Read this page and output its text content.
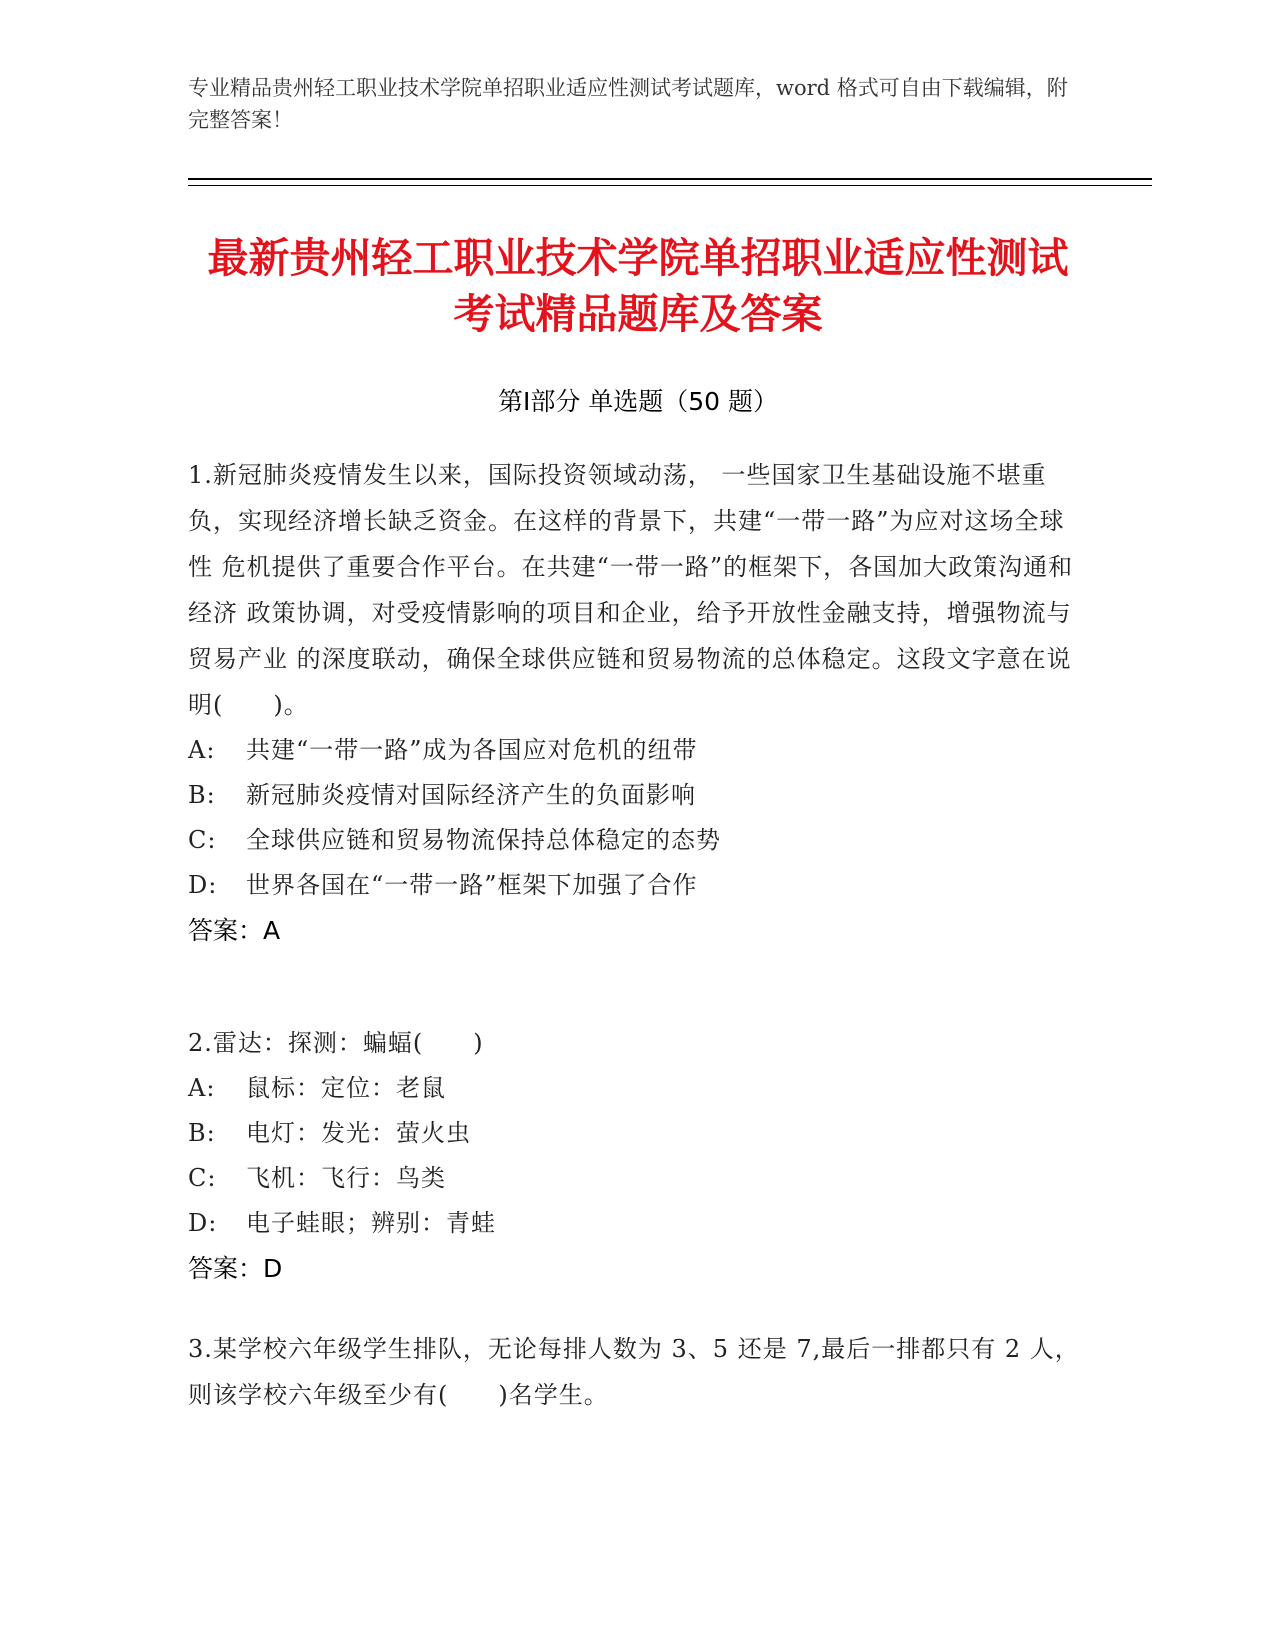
专业精品贵州轻工职业技术学院单招职业适应性测试考试题库，word 格式可自由下载编辑，附完整答案！
最新贵州轻工职业技术学院单招职业适应性测试考试精品题库及答案
第Ⅰ部分 单选题（50 题）
1.新冠肺炎疫情发生以来，国际投资领域动荡， 一些国家卫生基础设施不堪重 负，实现经济增长缺乏资金。在这样的背景下，共建“一带一路”为应对这场全球性 危机提供了重要合作平台。在共建“一带一路”的框架下，各国加大政策沟通和经济 政策协调，对受疫情影响的项目和企业，给予开放性金融支持，增强物流与贸易产业 的深度联动，确保全球供应链和贸易物流的总体稳定。这段文字意在说明(　　)。
A: 共建“一带一路”成为各国应对危机的纽带
B: 新冠肺炎疫情对国际经济产生的负面影响
C: 全球供应链和贸易物流保持总体稳定的态势
D: 世界各国在“一带一路”框架下加强了合作
答案：A
2.雷达：探测：蝙蝠(　　)
A: 鼠标：定位：老鼠
B: 电灯：发光：萤火虫
C: 飞机：飞行：鸟类
D: 电子蛙眼；辨别：青蛙
答案：D
3.某学校六年级学生排队，无论每排人数为 3、5 还是 7,最后一排都只有 2 人，则该学校六年级至少有(　　)名学生。
